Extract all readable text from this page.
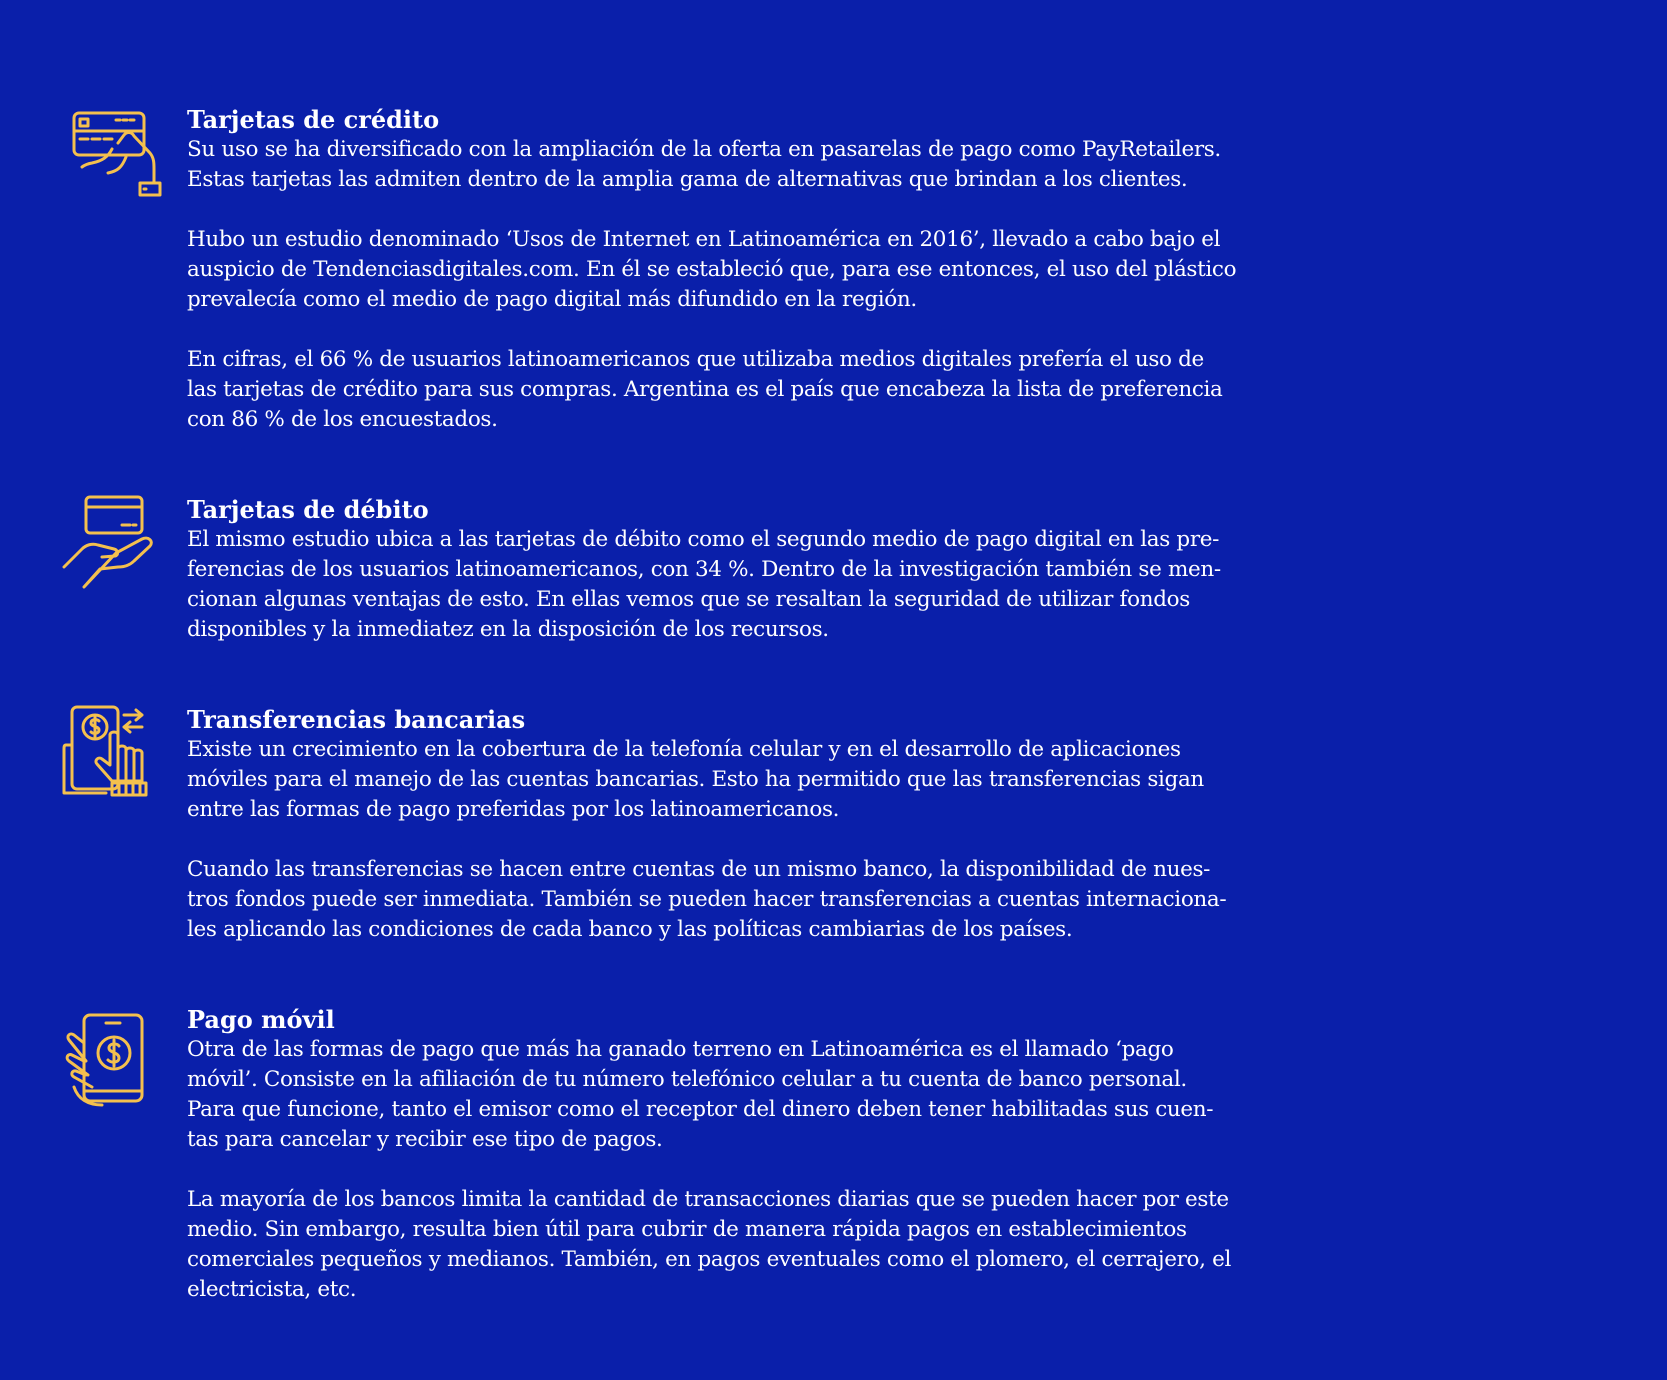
Tarjetas de crédito

Su uso se ha diversificado con la ampliación de la oferta en pasarelas de pago como PayRetailers.
Estas tarjetas las admiten dentro de la amplia gama de alternativas que brindan a los clientes.

Hubo un estudio denominado ‘Usos de Internet en Latinoamérica en 2016’, llevado a cabo bajo el
auspicio de Tendenciasdigitales.com. En él se estableció que, para ese entonces, el uso del plástico
prevalecía como el medio de pago digital más difundido en la región.

En cifras, el 66 % de usuarios latinoamericanos que utilizaba medios digitales prefería el uso de
las tarjetas de crédito para sus compras. Argentina es el país que encabeza la lista de preferencia
con 86 % de los encuestados.

Tarjetas de débito

El mismo estudio ubica a las tarjetas de débito como el segundo medio de pago digital en las pre-
ferencias de los usuarios latinoamericanos, con 34 %. Dentro de la investigación también se men-
cionan algunas ventajas de esto. En ellas vemos que se resaltan la seguridad de utilizar fondos
disponibles y la inmediatez en la disposición de los recursos.

Transferencias bancarias

Existe un crecimiento en la cobertura de la telefonía celular y en el desarrollo de aplicaciones
móviles para el manejo de las cuentas bancarias. Esto ha permitido que las transferencias sigan
entre las formas de pago preferidas por los latinoamericanos.

Cuando las transferencias se hacen entre cuentas de un mismo banco, la disponibilidad de nues-
tros fondos puede ser inmediata. También se pueden hacer transferencias a cuentas internaciona-
les aplicando las condiciones de cada banco y las políticas cambiarias de los países.

Pago móvil

Otra de las formas de pago que más ha ganado terreno en Latinoamérica es el llamado ‘pago
móvil’. Consiste en la afiliación de tu número telefónico celular a tu cuenta de banco personal.
Para que funcione, tanto el emisor como el receptor del dinero deben tener habilitadas sus cuen-
tas para cancelar y recibir ese tipo de pagos.

La mayoría de los bancos limita la cantidad de transacciones diarias que se pueden hacer por este
medio. Sin embargo, resulta bien útil para cubrir de manera rápida pagos en establecimientos
comerciales pequeños y medianos. También, en pagos eventuales como el plomero, el cerrajero, el
electricista, etc.
